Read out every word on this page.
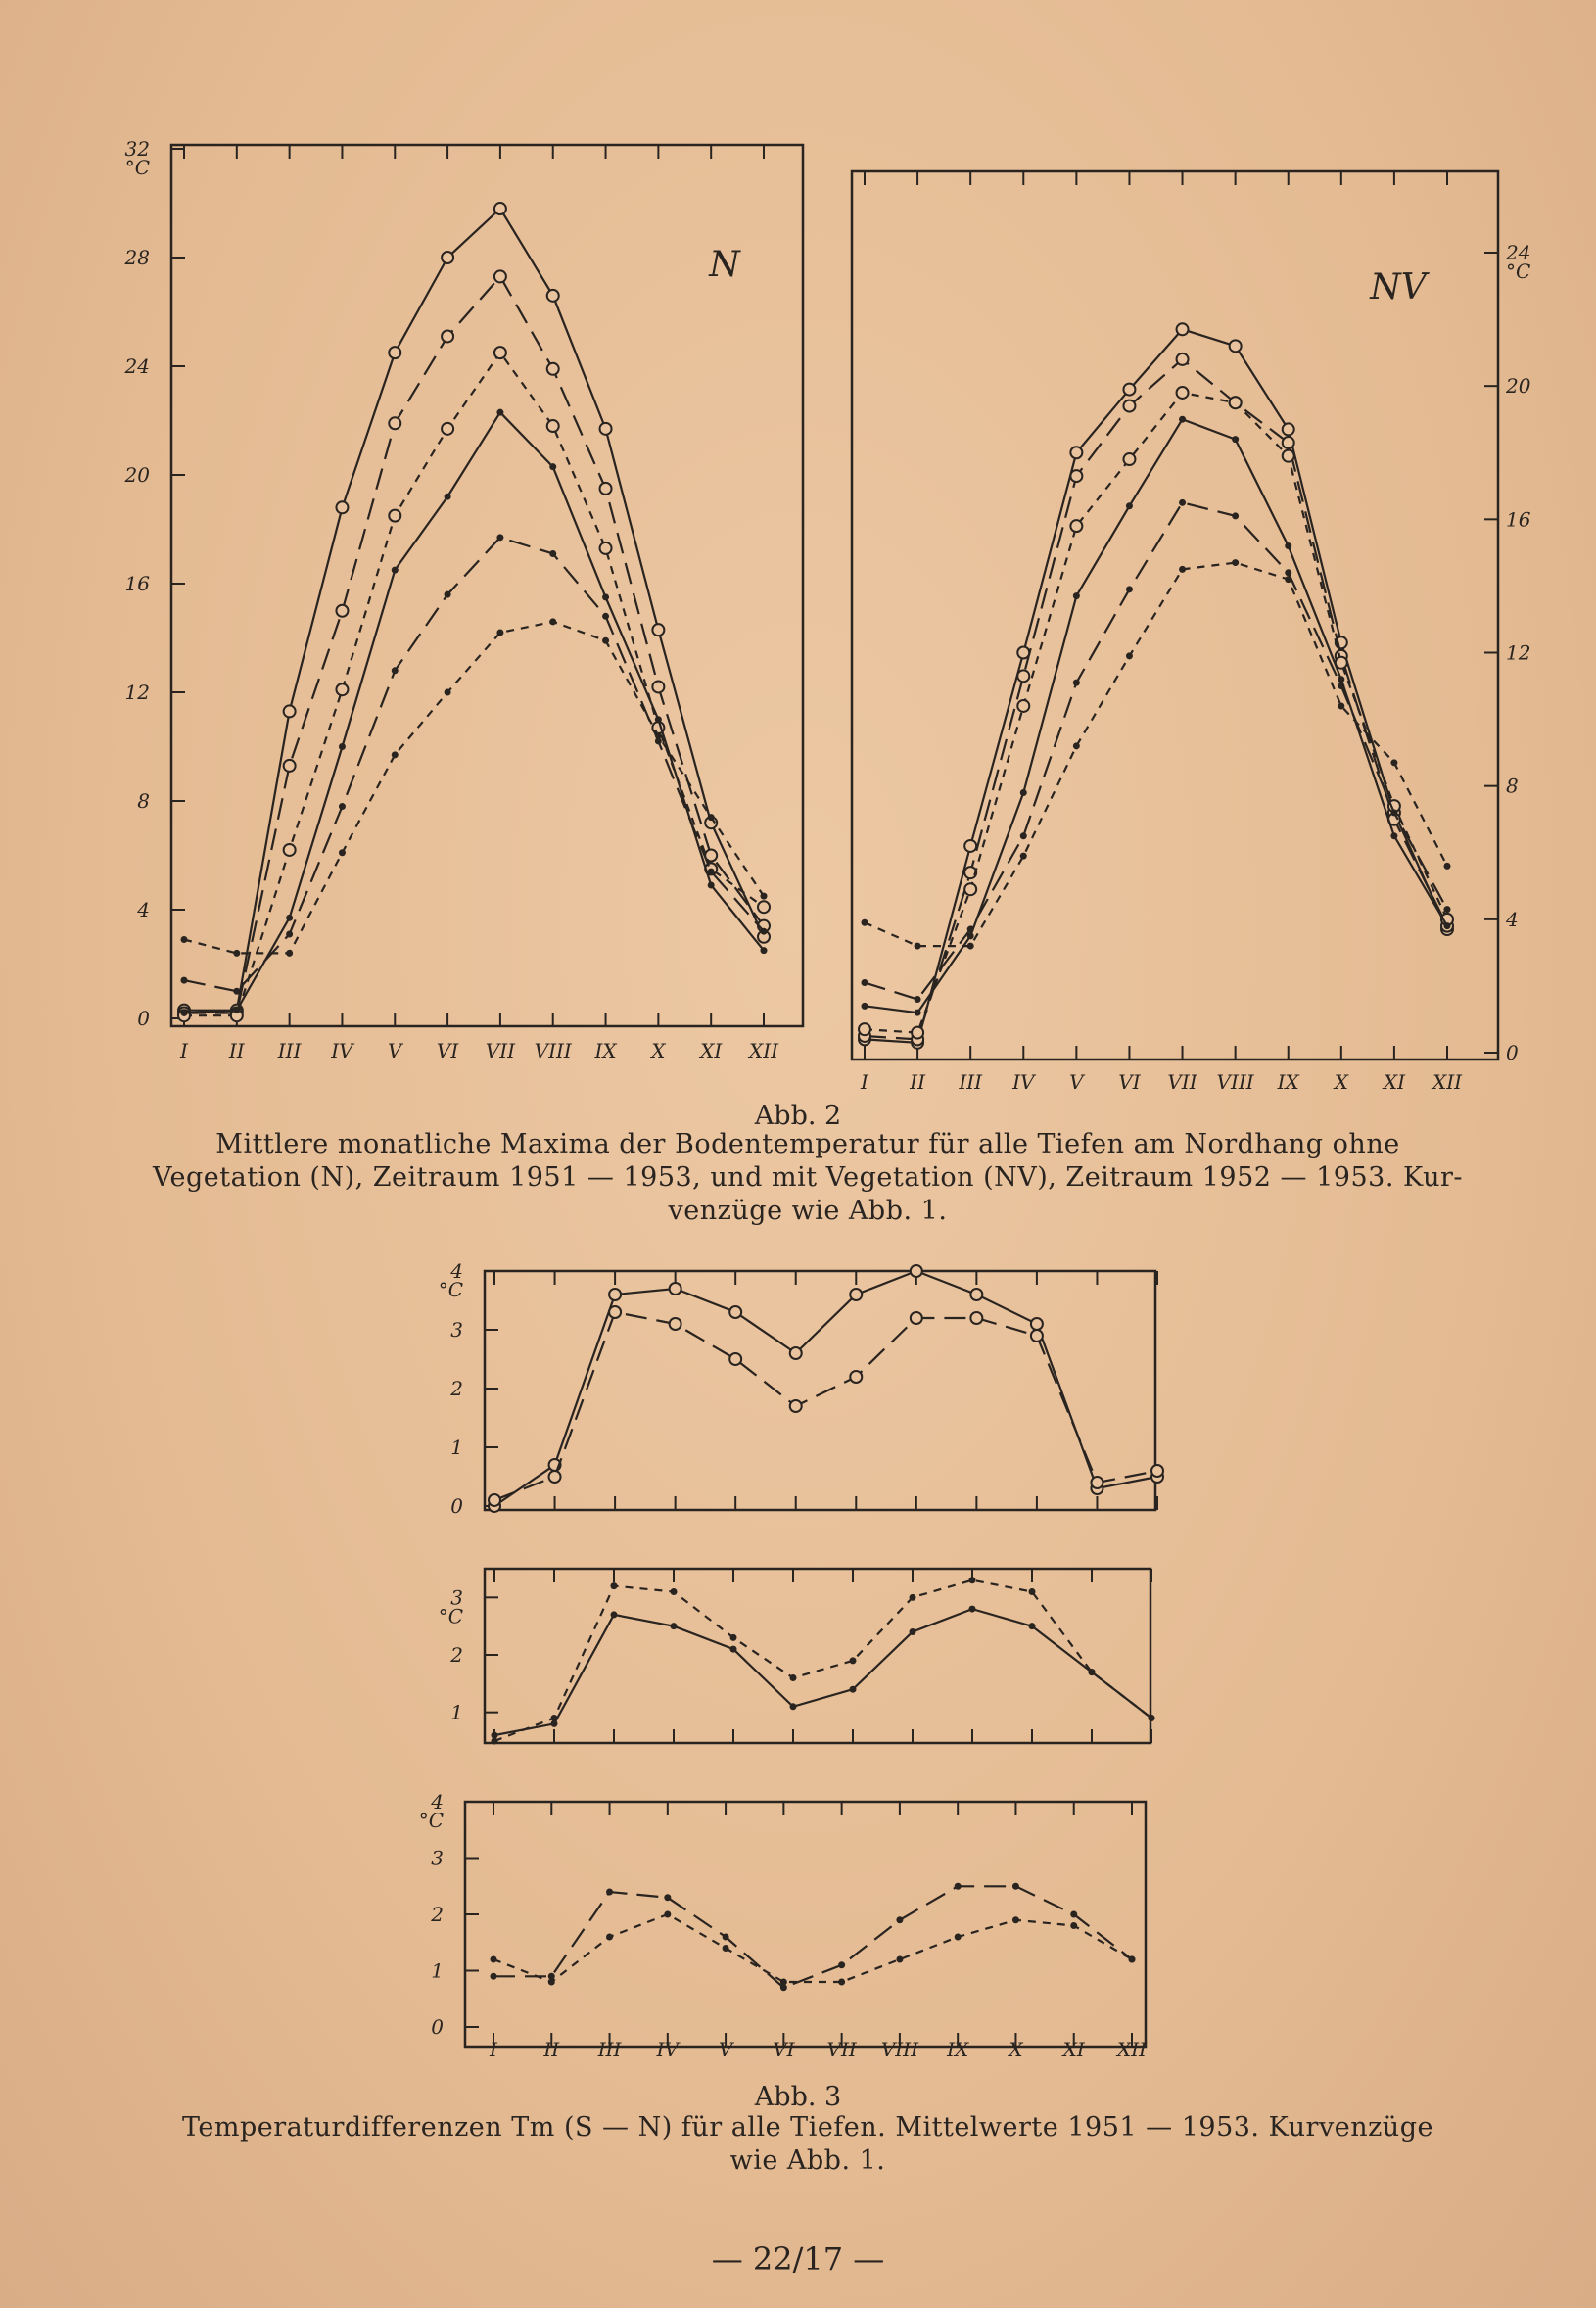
0
4
8
12
16
20
24
28
32
°C
I II III IV V VI VII VIII IX X XI XII
N
0
4
8
12
16
20
24
°C
I II III IV V VI VII VIII IX X XI XII
NV
0
1
2
3
4
°C
1
2
3
°C
0
1
2
3
4
°C
I II III IV V VI VII VIII IX X XI XII
Abb. 2
Mittlere monatliche Maxima der Bodentemperatur für alle Tiefen am Nordhang ohne
Vegetation (N), Zeitraum 1951 — 1953, und mit Vegetation (NV), Zeitraum 1952 — 1953. Kur-
venzüge wie Abb. 1.
Abb. 3
Temperaturdifferenzen Tm (S — N) für alle Tiefen. Mittelwerte 1951 — 1953. Kurvenzüge
wie Abb. 1.
— 22/17 —
